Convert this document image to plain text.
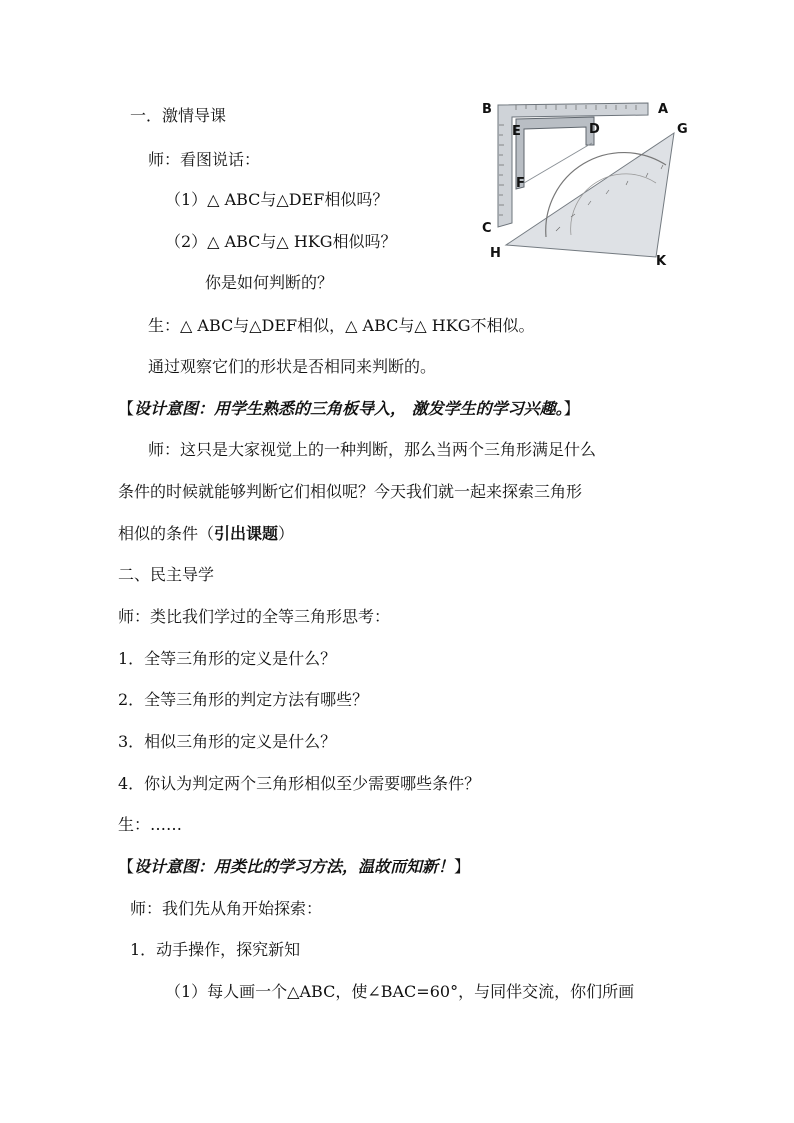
一．激情导课
师：看图说话：
（1）△ ABC与△DEF相似吗？
（2）△ ABC与△ HKG相似吗？
你是如何判断的？
生：△ ABC与△DEF相似，△ ABC与△ HKG不相似。
通过观察它们的形状是否相同来判断的。
【设计意图：用学生熟悉的三角板导入， 激发学生的学习兴趣。】
师：这只是大家视觉上的一种判断，那么当两个三角形满足什么
条件的时候就能够判断它们相似呢？今天我们就一起来探索三角形
相似的条件（引出课题）
二、民主导学
师：类比我们学过的全等三角形思考：
1．全等三角形的定义是什么？
2．全等三角形的判定方法有哪些？
3．相似三角形的定义是什么？
4．你认为判定两个三角形相似至少需要哪些条件？
生：……
【设计意图：用类比的学习方法，温故而知新！】
师：我们先从角开始探索：
1．动手操作，探究新知
（1）每人画一个△ABC，使∠BAC=60°，与同伴交流，你们所画
B	A
G
E	D
F
C
H
K
